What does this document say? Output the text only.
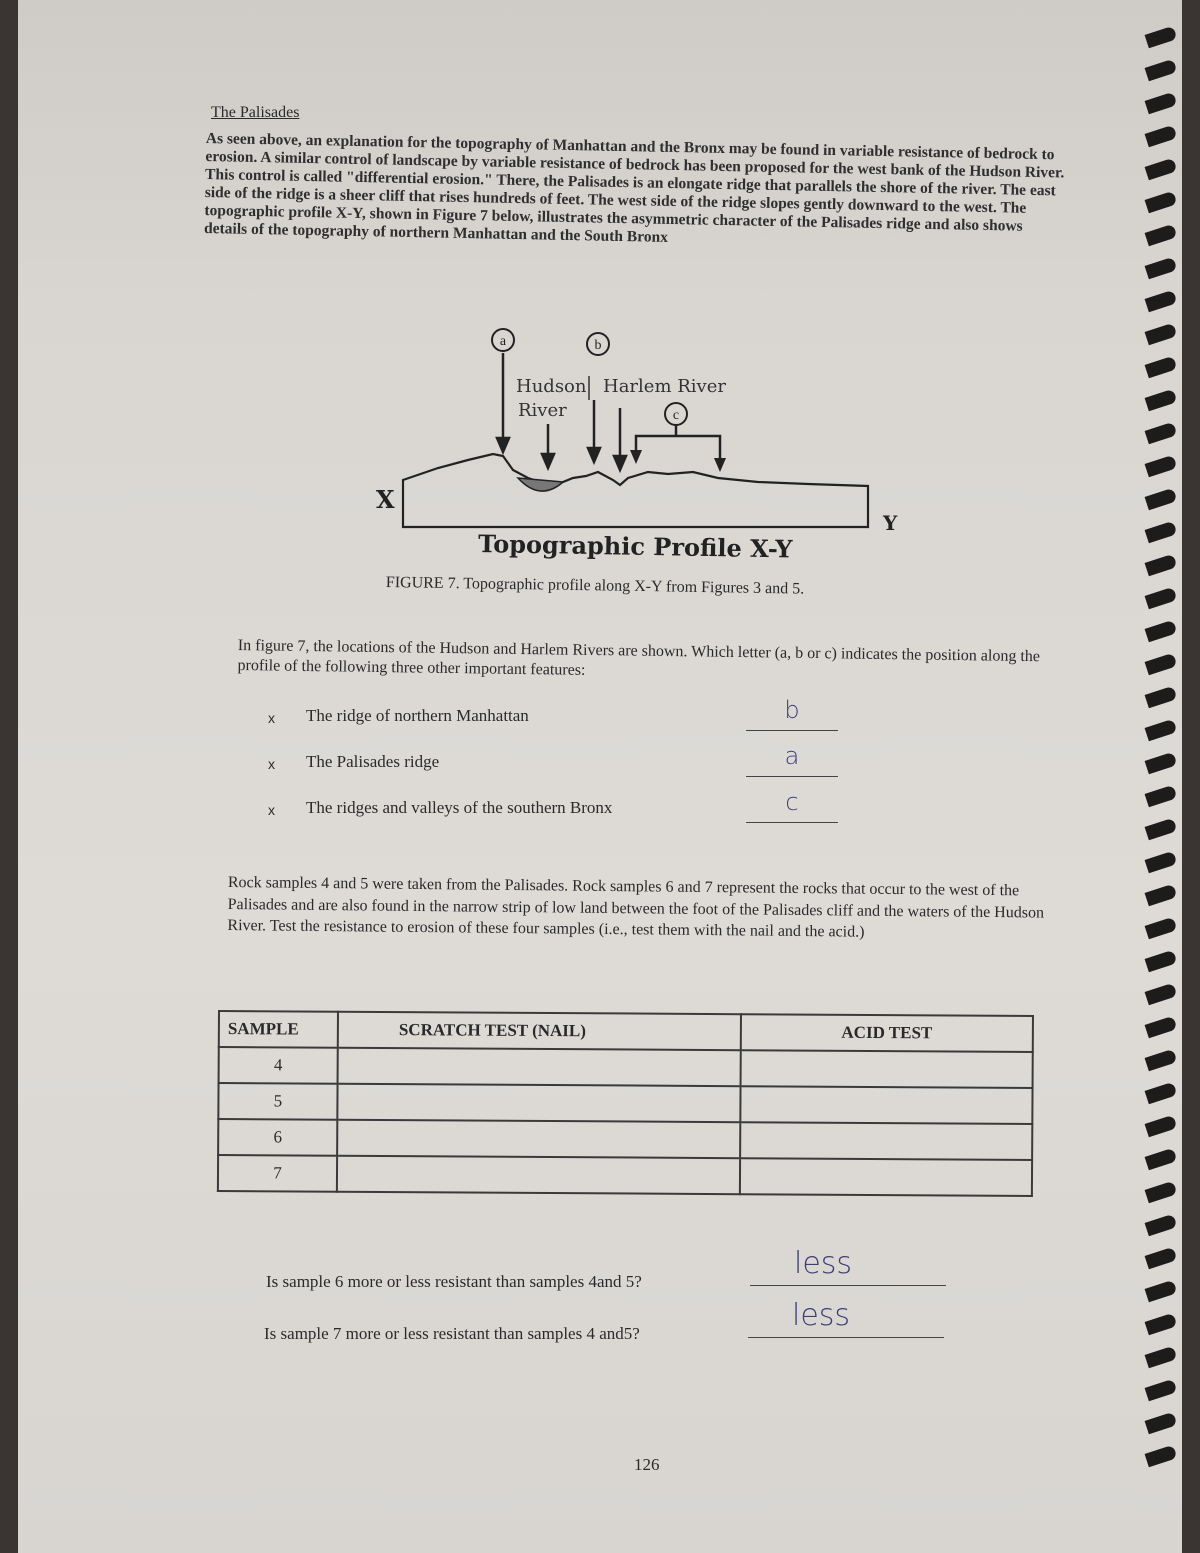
The Palisades
As seen above, an explanation for the topography of Manhattan and the Bronx may be found in variable resistance of bedrock to erosion. A similar control of landscape by variable resistance of bedrock has been proposed for the west bank of the Hudson River. This control is called "differential erosion." There, the Palisades is an elongate ridge that parallels the shore of the river. The east side of the ridge is a sheer cliff that rises hundreds of feet. The west side of the ridge slopes gently downward to the west. The topographic profile X-Y, shown in Figure 7 below, illustrates the asymmetric character of the Palisades ridge and also shows details of the topography of northern Manhattan and the South Bronx
a	b
c
Hudson
River
Harlem River
X
Y
Topographic Profile X-Y
FIGURE 7. Topographic profile along X-Y from Figures 3 and 5.
In figure 7, the locations of the Hudson and Harlem Rivers are shown. Which letter (a, b or c) indicates the position along the profile of the following three other important features:
x The ridge of northern Manhattan	b
x The Palisades ridge	a
x The ridges and valleys of the southern Bronx	c
Rock samples 4 and 5 were taken from the Palisades. Rock samples 6 and 7 represent the rocks that occur to the west of the Palisades and are also found in the narrow strip of low land between the foot of the Palisades cliff and the waters of the Hudson River. Test the resistance to erosion of these four samples (i.e., test them with the nail and the acid.)
SAMPLE	SCRATCH TEST (NAIL)	ACID TEST
4		
5		
6		
7		
Is sample 6 more or less resistant than samples 4and 5?
less
Is sample 7 more or less resistant than samples 4 and5?
less
126
